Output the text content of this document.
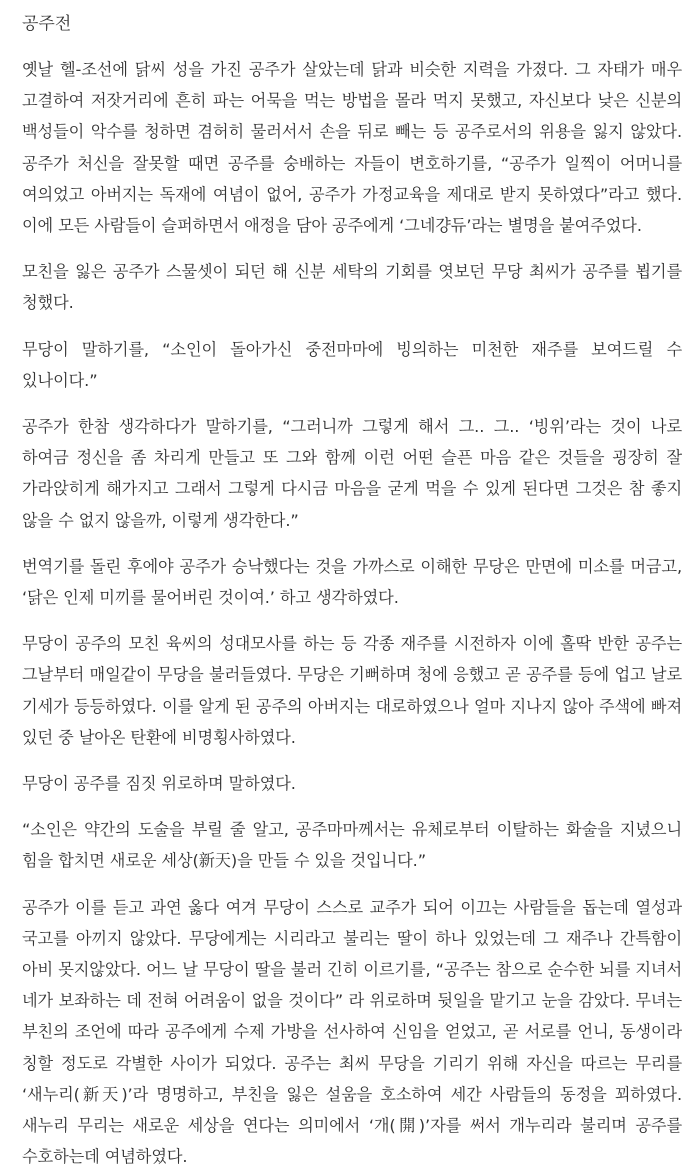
공주전

옛날 헬-조선에 닭씨 성을 가진 공주가 살았는데 닭과 비슷한 지력을 가졌다. 그 자태가 매우 고결하여 저잣거리에 흔히 파는 어묵을 먹는 방법을 몰라 먹지 못했고, 자신보다 낮은 신분의 백성들이 악수를 청하면 겸허히 물러서서 손을 뒤로 빼는 등 공주로서의 위용을 잃지 않았다. 공주가 처신을 잘못할 때면 공주를 숭배하는 자들이 변호하기를, “공주가 일찍이 어머니를 여의었고 아버지는 독재에 여념이 없어, 공주가 가정교육을 제대로 받지 못하였다”라고 했다. 이에 모든 사람들이 슬퍼하면서 애정을 담아 공주에게 ‘그네걍듀’라는 별명을 붙여주었다.

모친을 잃은 공주가 스물셋이 되던 해 신분 세탁의 기회를 엿보던 무당 최씨가 공주를 뵙기를 청했다.

무당이 말하기를, “소인이 돌아가신 중전마마에 빙의하는 미천한 재주를 보여드릴 수 있나이다.”

공주가 한참 생각하다가 말하기를, “그러니까 그렇게 해서 그.. 그.. ‘빙위’라는 것이 나로 하여금 정신을 좀 차리게 만들고 또 그와 함께 이런 어떤 슬픈 마음 같은 것들을 굉장히 잘 가라앉히게 해가지고 그래서 그렇게 다시금 마음을 굳게 먹을 수 있게 된다면 그것은 참 좋지 않을 수 없지 않을까, 이렇게 생각한다.”

번역기를 돌린 후에야 공주가 승낙했다는 것을 가까스로 이해한 무당은 만면에 미소를 머금고, ‘닭은 인제 미끼를 물어버린 것이여.’ 하고 생각하였다.

무당이 공주의 모친 육씨의 성대모사를 하는 등 각종 재주를 시전하자 이에 홀딱 반한 공주는 그날부터 매일같이 무당을 불러들였다. 무당은 기뻐하며 청에 응했고 곧 공주를 등에 업고 날로 기세가 등등하였다. 이를 알게 된 공주의 아버지는 대로하였으나 얼마 지나지 않아 주색에 빠져 있던 중 날아온 탄환에 비명횡사하였다.

무당이 공주를 짐짓 위로하며 말하였다.

“소인은 약간의 도술을 부릴 줄 알고, 공주마마께서는 유체로부터 이탈하는 화술을 지녔으니 힘을 합치면 새로운 세상(新天)을 만들 수 있을 것입니다.”

공주가 이를 듣고 과연 옳다 여겨 무당이 스스로 교주가 되어 이끄는 사람들을 돕는데 열성과 국고를 아끼지 않았다. 무당에게는 시리라고 불리는 딸이 하나 있었는데 그 재주나 간특함이 아비 못지않았다. 어느 날 무당이 딸을 불러 긴히 이르기를, “공주는 참으로 순수한 뇌를 지녀서 네가 보좌하는 데 전혀 어려움이 없을 것이다” 라 위로하며 뒷일을 맡기고 눈을 감았다. 무녀는 부친의 조언에 따라 공주에게 수제 가방을 선사하여 신임을 얻었고, 곧 서로를 언니, 동생이라 칭할 정도로 각별한 사이가 되었다. 공주는 최씨 무당을 기리기 위해 자신을 따르는 무리를 ‘새누리(新天)’라 명명하고, 부친을 잃은 설움을 호소하여 세간 사람들의 동정을 꾀하였다. 새누리 무리는 새로운 세상을 연다는 의미에서 ‘개(開)’자를 써서 개누리라 불리며 공주를 수호하는데 여념하였다.
